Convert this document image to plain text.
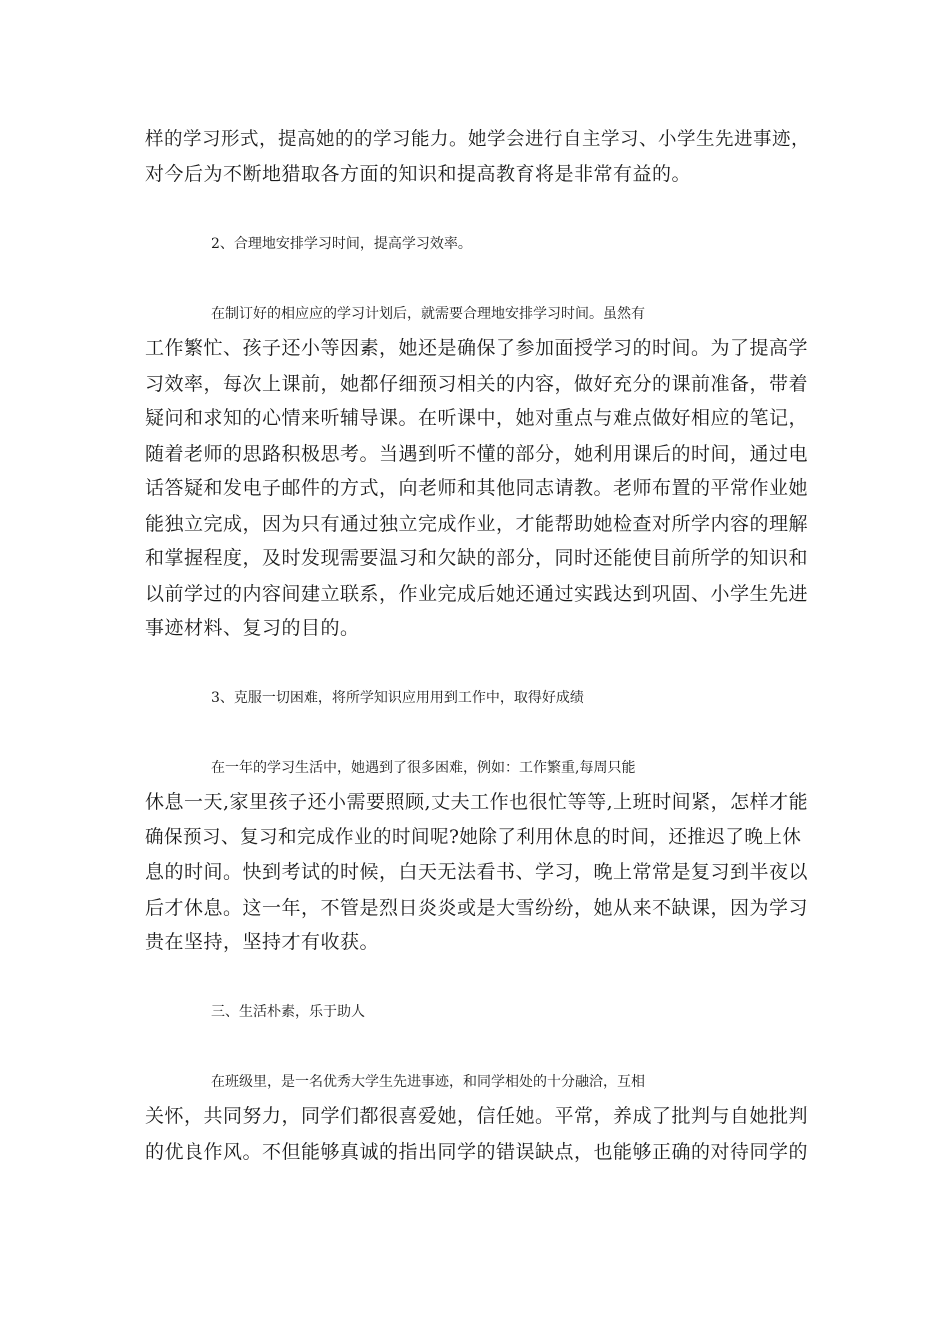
样的学习形式，提高她的的学习能力。她学会进行自主学习、小学生先进事迹，
对今后为不断地猎取各方面的知识和提高教育将是非常有益的。
2、合理地安排学习时间，提高学习效率。
在制订好的相应应的学习计划后，就需要合理地安排学习时间。虽然有
工作繁忙、孩子还小等因素，她还是确保了参加面授学习的时间。为了提高学
习效率，每次上课前，她都仔细预习相关的内容，做好充分的课前准备，带着
疑问和求知的心情来听辅导课。在听课中，她对重点与难点做好相应的笔记，
随着老师的思路积极思考。当遇到听不懂的部分，她利用课后的时间，通过电
话答疑和发电子邮件的方式，向老师和其他同志请教。老师布置的平常作业她
能独立完成，因为只有通过独立完成作业，才能帮助她检查对所学内容的理解
和掌握程度，及时发现需要温习和欠缺的部分，同时还能使目前所学的知识和
以前学过的内容间建立联系，作业完成后她还通过实践达到巩固、小学生先进
事迹材料、复习的目的。
3、克服一切困难，将所学知识应用用到工作中，取得好成绩
在一年的学习生活中，她遇到了很多困难，例如：工作繁重,每周只能
休息一天,家里孩子还小需要照顾,丈夫工作也很忙等等,上班时间紧，怎样才能
确保预习、复习和完成作业的时间呢?她除了利用休息的时间，还推迟了晚上休
息的时间。快到考试的时候，白天无法看书、学习，晚上常常是复习到半夜以
后才休息。这一年，不管是烈日炎炎或是大雪纷纷，她从来不缺课，因为学习
贵在坚持，坚持才有收获。
三、生活朴素，乐于助人
在班级里，是一名优秀大学生先进事迹，和同学相处的十分融洽，互相
关怀，共同努力，同学们都很喜爱她，信任她。平常，养成了批判与自她批判
的优良作风。不但能够真诚的指出同学的错误缺点，也能够正确的对待同学的
